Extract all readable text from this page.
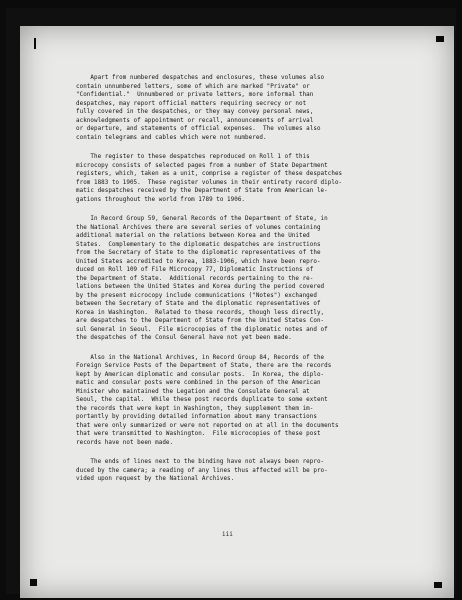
Apart from numbered despatches and enclosures, these volumes also
contain unnumbered letters, some of which are marked "Private" or
"Confidential."  Unnumbered or private letters, more informal than
despatches, may report official matters requiring secrecy or not
fully covered in the despatches, or they may convey personal news,
acknowledgments of appointment or recall, announcements of arrival
or departure, and statements of official expenses.  The volumes also
contain telegrams and cables which were not numbered.
The register to these despatches reproduced on Roll 1 of this
microcopy consists of selected pages from a number of State Department
registers, which, taken as a unit, comprise a register of these despatches
from 1883 to 1905.  These register volumes in their entirety record diplo-
matic despatches received by the Department of State from American le-
gations throughout the world from 1789 to 1906.
In Record Group 59, General Records of the Department of State, in
the National Archives there are several series of volumes containing
additional material on the relations between Korea and the United
States.  Complementary to the diplomatic despatches are instructions
from the Secretary of State to the diplomatic representatives of the
United States accredited to Korea, 1883-1906, which have been repro-
duced on Roll 109 of File Microcopy 77, Diplomatic Instructions of
the Department of State.  Additional records pertaining to the re-
lations between the United States and Korea during the period covered
by the present microcopy include communications ("Notes") exchanged
between the Secretary of State and the diplomatic representatives of
Korea in Washington.  Related to these records, though less directly,
are despatches to the Department of State from the United States Con-
sul General in Seoul.  File microcopies of the diplomatic notes and of
the despatches of the Consul General have not yet been made.
Also in the National Archives, in Record Group 84, Records of the
Foreign Service Posts of the Department of State, there are the records
kept by American diplomatic and consular posts.  In Korea, the diplo-
matic and consular posts were combined in the person of the American
Minister who maintained the Legation and the Consulate General at
Seoul, the capital.  While these post records duplicate to some extent
the records that were kept in Washington, they supplement them im-
portantly by providing detailed information about many transactions
that were only summarized or were not reported on at all in the documents
that were transmitted to Washington.  File microcopies of these post
records have not been made.
The ends of lines next to the binding have not always been repro-
duced by the camera; a reading of any lines thus affected will be pro-
vided upon request by the National Archives.
iii
